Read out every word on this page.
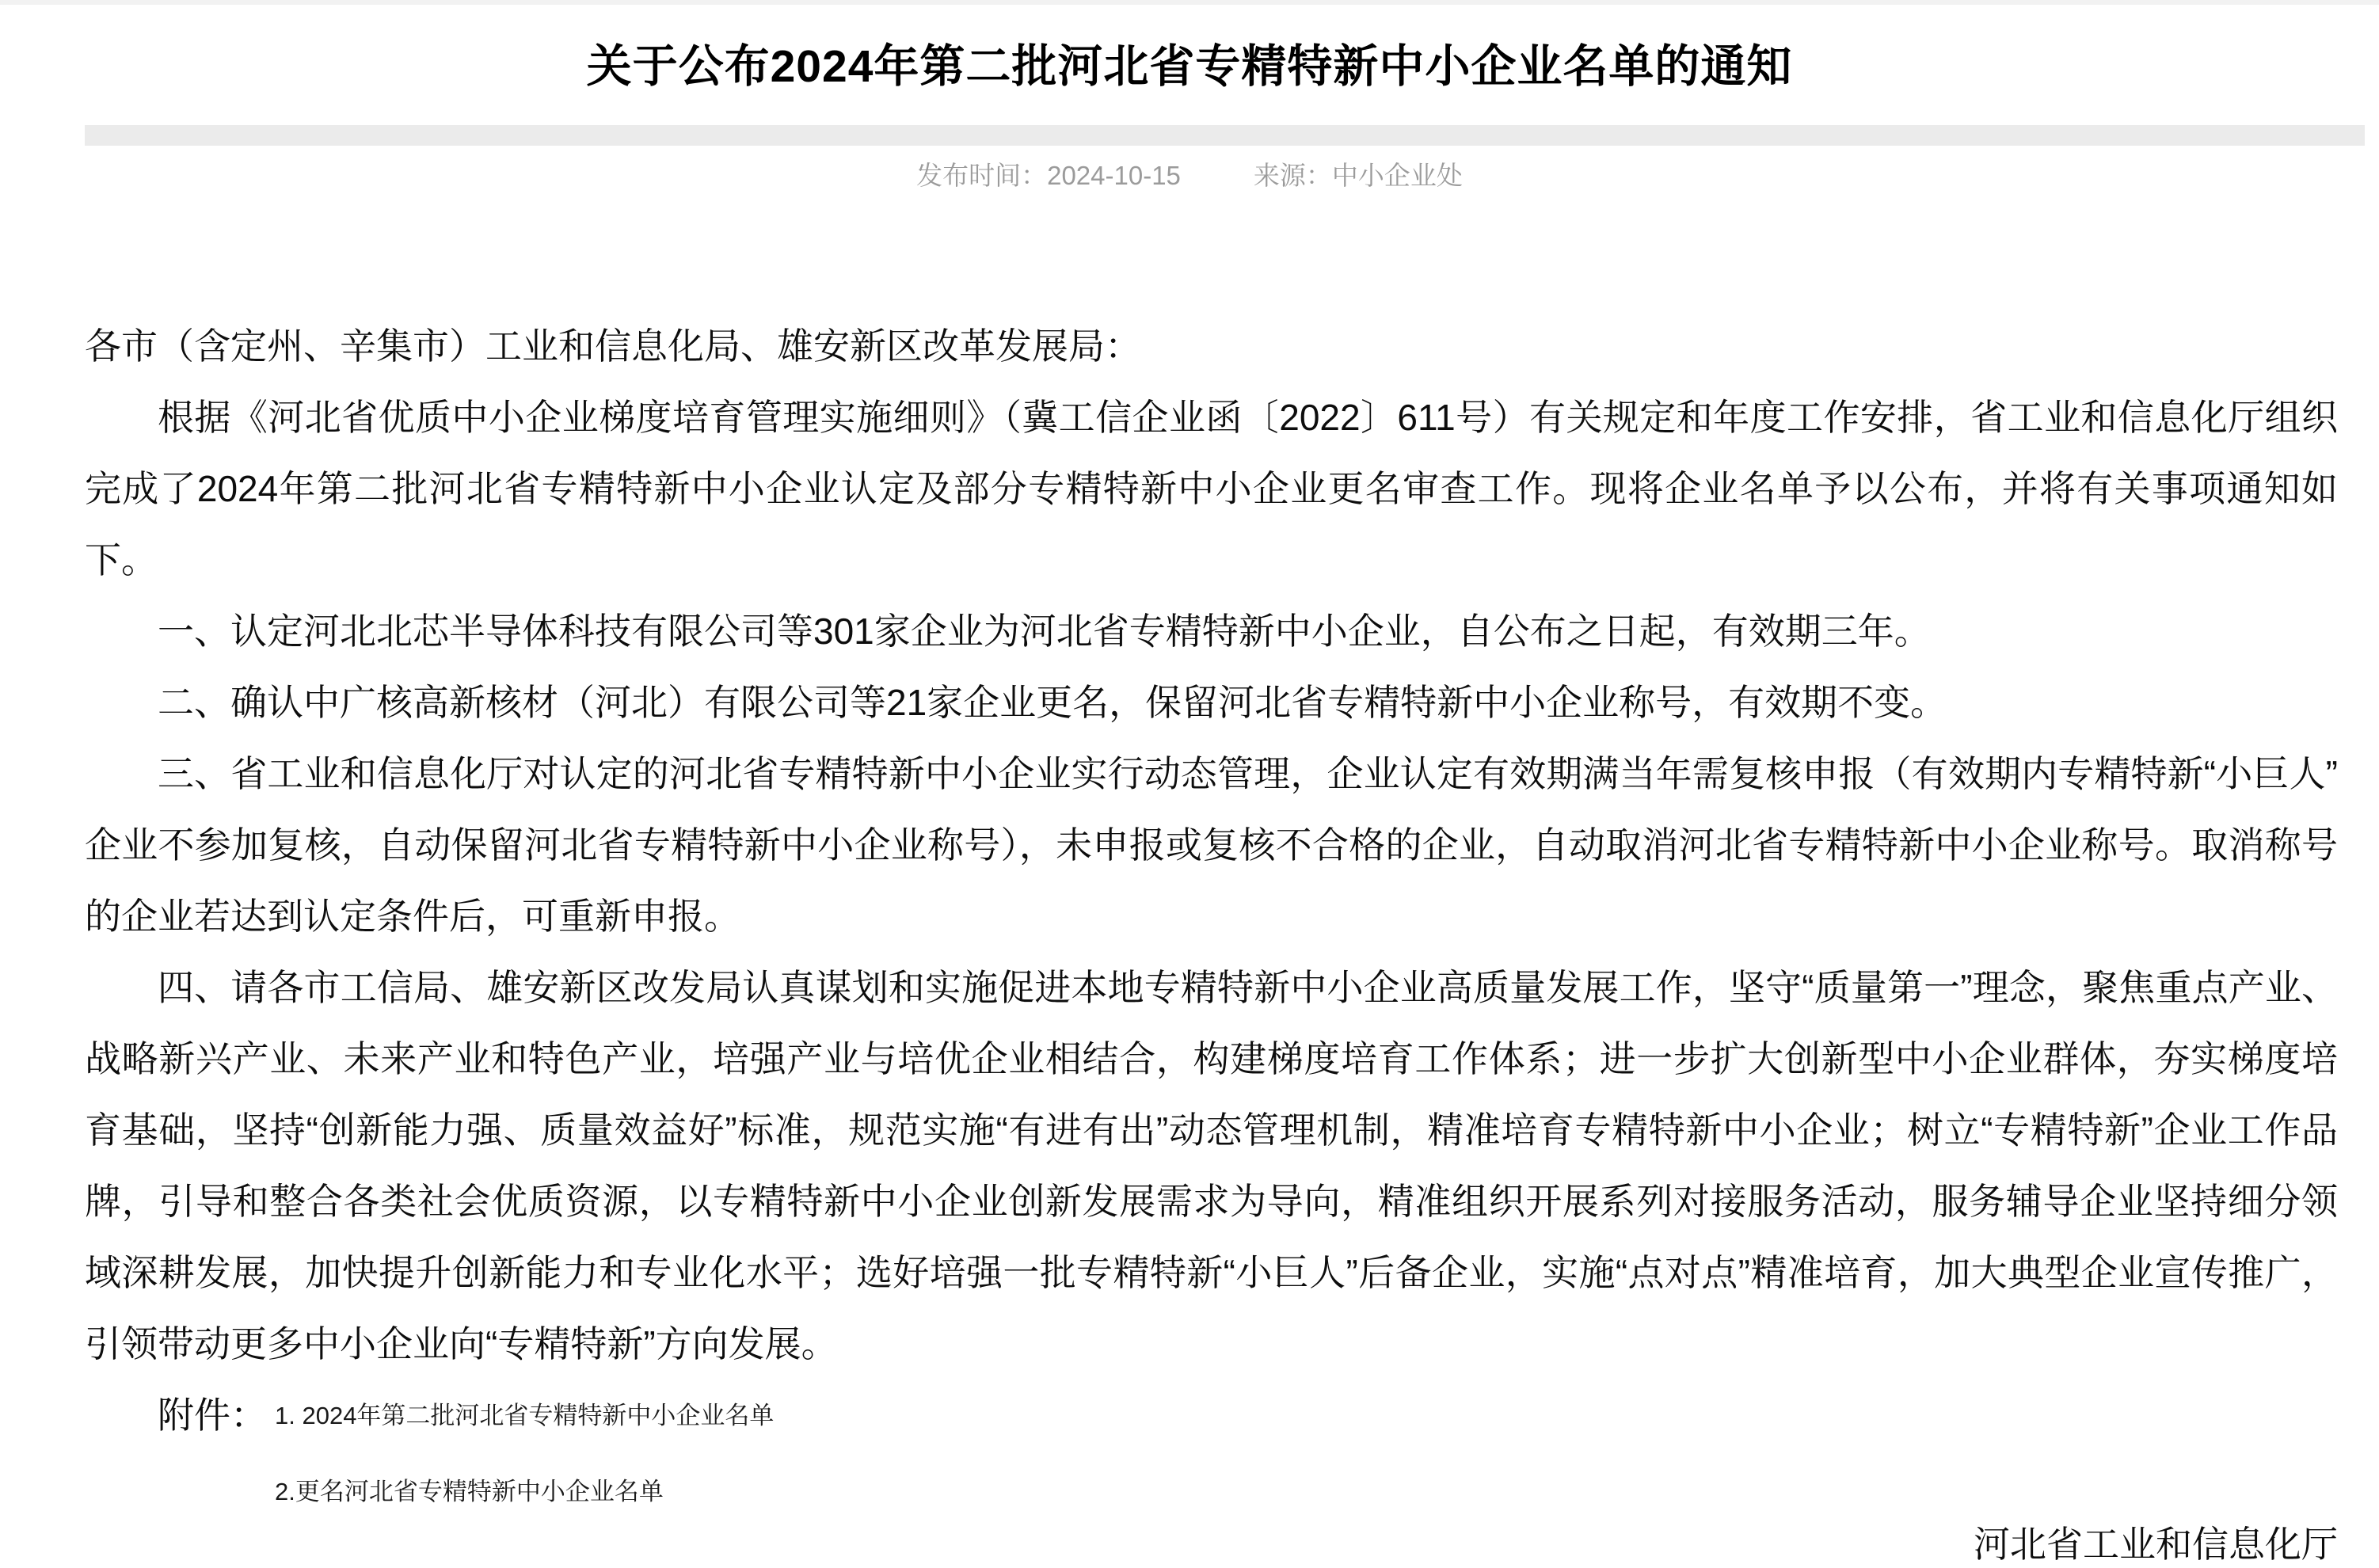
关于公布2024年第二批河北省专精特新中小企业名单的通知
发布时间：2024-10-15	来源：中小企业处

各市（含定州、辛集市）工业和信息化局、雄安新区改革发展局：

根据《河北省优质中小企业梯度培育管理实施细则》（冀工信企业函〔2022〕611号）有关规定和年度工作安排，省工业和信息化厅组织完成了2024年第二批河北省专精特新中小企业认定及部分专精特新中小企业更名审查工作。现将企业名单予以公布，并将有关事项通知如下。

一、认定河北北芯半导体科技有限公司等301家企业为河北省专精特新中小企业，自公布之日起，有效期三年。

二、确认中广核高新核材（河北）有限公司等21家企业更名，保留河北省专精特新中小企业称号，有效期不变。

三、省工业和信息化厅对认定的河北省专精特新中小企业实行动态管理，企业认定有效期满当年需复核申报（有效期内专精特新“小巨人”企业不参加复核，自动保留河北省专精特新中小企业称号），未申报或复核不合格的企业，自动取消河北省专精特新中小企业称号。取消称号的企业若达到认定条件后，可重新申报。

四、请各市工信局、雄安新区改发局认真谋划和实施促进本地专精特新中小企业高质量发展工作，坚守“质量第一”理念，聚焦重点产业、战略新兴产业、未来产业和特色产业，培强产业与培优企业相结合，构建梯度培育工作体系；进一步扩大创新型中小企业群体，夯实梯度培育基础，坚持“创新能力强、质量效益好”标准，规范实施“有进有出”动态管理机制，精准培育专精特新中小企业；树立“专精特新”企业工作品牌，引导和整合各类社会优质资源，以专精特新中小企业创新发展需求为导向，精准组织开展系列对接服务活动，服务辅导企业坚持细分领域深耕发展，加快提升创新能力和专业化水平；选好培强一批专精特新“小巨人”后备企业，实施“点对点”精准培育，加大典型企业宣传推广，引领带动更多中小企业向“专精特新”方向发展。

附件： 1. 2024年第二批河北省专精特新中小企业名单
2.更名河北省专精特新中小企业名单
河北省工业和信息化厅
